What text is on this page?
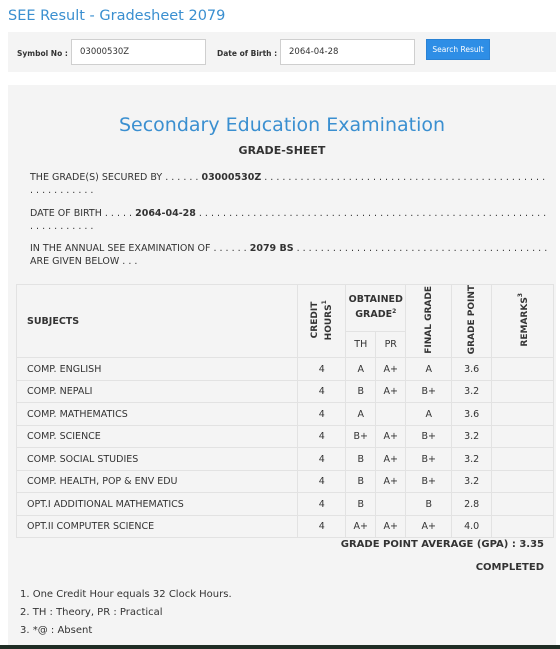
SEE Result - Gradesheet 2079
Symbol No :	03000530Z	Date of Birth :	2064-04-28	Search Result
Secondary Education Examination
GRADE-SHEET
THE GRADE(S) SECURED BY . . . . . . 03000530Z . . . . . . . . . . . . . . . . . . . . . . . . . . . . . . . . . . . . . . . . . . . . . . . . . . . . . . . . . .
DATE OF BIRTH . . . . . 2064-04-28 . . . . . . . . . . . . . . . . . . . . . . . . . . . . . . . . . . . . . . . . . . . . . . . . . . . . . . . . . . . . . . . . . . . . .
IN THE ANNUAL SEE EXAMINATION OF . . . . . . 2079 BS . . . . . . . . . . . . . . . . . . . . . . . . . . . . . . . . . . . . . . . . . . ARE GIVEN BELOW . . .
SUBJECTS	CREDIT HOURS$^1$	OBTAINED GRADE$^2$		FINAL GRADE	GRADE POINT	REMARKS$^3$
		TH	PR			
COMP. ENGLISH	4	A	A+	A	3.6	
COMP. NEPALI	4	B	A+	B+	3.2	
COMP. MATHEMATICS	4	A		A	3.6	
COMP. SCIENCE	4	B+	A+	B+	3.2	
COMP. SOCIAL STUDIES	4	B	A+	B+	3.2	
COMP. HEALTH, POP & ENV EDU	4	B	A+	B+	3.2	
OPT.I ADDITIONAL MATHEMATICS	4	B		B	2.8	
OPT.II COMPUTER SCIENCE	4	A+	A+	A+	4.0	
GRADE POINT AVERAGE (GPA) : 3.35
COMPLETED
1. One Credit Hour equals 32 Clock Hours.
2. TH : Theory, PR : Practical
3. *@ : Absent
